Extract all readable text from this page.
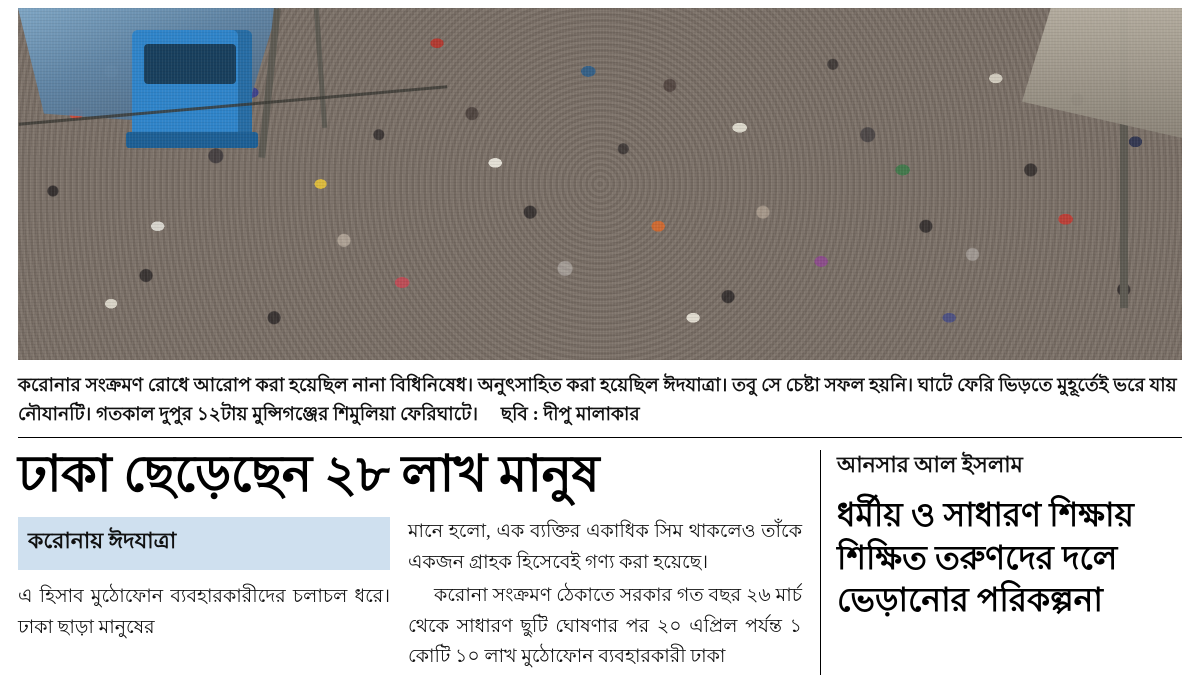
করোনার সংক্রমণ রোধে আরোপ করা হয়েছিল নানা বিধিনিষেধ। অনুৎসাহিত করা হয়েছিল ঈদযাত্রা। তবু সে চেষ্টা সফল হয়নি। ঘাটে ফেরি ভিড়তে মুহূর্তেই ভরে যায় নৌযানটি। গতকাল দুপুর ১২টায় মুন্সিগঞ্জের শিমুলিয়া ফেরিঘাটে। ছবি : দীপু মালাকার
ঢাকা ছেড়েছেন ২৮ লাখ মানুষ
করোনায় ঈদযাত্রা

এ হিসাব মুঠোফোন ব্যবহারকারীদের চলাচল ধরে। ঢাকা ছাড়া মানুষের

মানে হলো, এক ব্যক্তির একাধিক সিম থাকলেও তাঁকে একজন গ্রাহক হিসেবেই গণ্য করা হয়েছে।

করোনা সংক্রমণ ঠেকাতে সরকার গত বছর ২৬ মার্চ থেকে সাধারণ ছুটি ঘোষণার পর ২০ এপ্রিল পর্যন্ত ১ কোটি ১০ লাখ মুঠোফোন ব্যবহারকারী ঢাকা

আনসার আল ইসলাম
ধর্মীয় ও সাধারণ শিক্ষায় শিক্ষিত তরুণদের দলে ভেড়ানোর পরিকল্পনা
